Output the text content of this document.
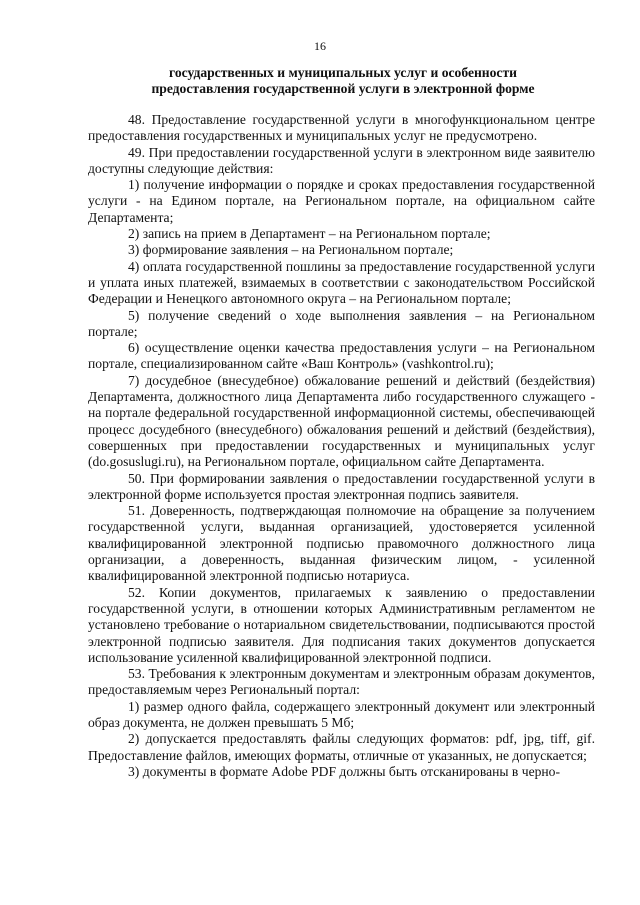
16
государственных и муниципальных услуг и особенности
предоставления государственной услуги в электронной форме

48. Предоставление государственной услуги в многофункциональном центре предоставления государственных и муниципальных услуг не предусмотрено.

49. При предоставлении государственной услуги в электронном виде заявителю доступны следующие действия:

1) получение информации о порядке и сроках предоставления государственной услуги - на Едином портале, на Региональном портале, на официальном сайте Департамента;

2) запись на прием в Департамент – на Региональном портале;

3) формирование заявления – на Региональном портале;

4) оплата государственной пошлины за предоставление государственной услуги и уплата иных платежей, взимаемых в соответствии с законодательством Российской Федерации и Ненецкого автономного округа – на Региональном портале;

5) получение сведений о ходе выполнения заявления – на Региональном портале;

6) осуществление оценки качества предоставления услуги – на Региональном портале, специализированном сайте «Ваш Контроль» (vashkontrol.ru);

7) досудебное (внесудебное) обжалование решений и действий (бездействия) Департамента, должностного лица Департамента либо государственного служащего - на портале федеральной государственной информационной системы, обеспечивающей процесс досудебного (внесудебного) обжалования решений и действий (бездействия), совершенных при предоставлении государственных и муниципальных услуг (do.gosuslugi.ru), на Региональном портале, официальном сайте Департамента.

50. При формировании заявления о предоставлении государственной услуги в электронной форме используется простая электронная подпись заявителя.

51. Доверенность, подтверждающая полномочие на обращение за получением государственной услуги, выданная организацией, удостоверяется усиленной квалифицированной электронной подписью правомочного должностного лица организации, а доверенность, выданная физическим лицом, - усиленной квалифицированной электронной подписью нотариуса.

52. Копии документов, прилагаемых к заявлению о предоставлении государственной услуги, в отношении которых Административным регламентом не установлено требование о нотариальном свидетельствовании, подписываются простой электронной подписью заявителя. Для подписания таких документов допускается использование усиленной квалифицированной электронной подписи.

53. Требования к электронным документам и электронным образам документов, предоставляемым через Региональный портал:

1) размер одного файла, содержащего электронный документ или электронный образ документа, не должен превышать 5 Мб;

2) допускается предоставлять файлы следующих форматов: pdf, jpg, tiff, gif. Предоставление файлов, имеющих форматы, отличные от указанных, не допускается;

3) документы в формате Adobe PDF должны быть отсканированы в черно-
